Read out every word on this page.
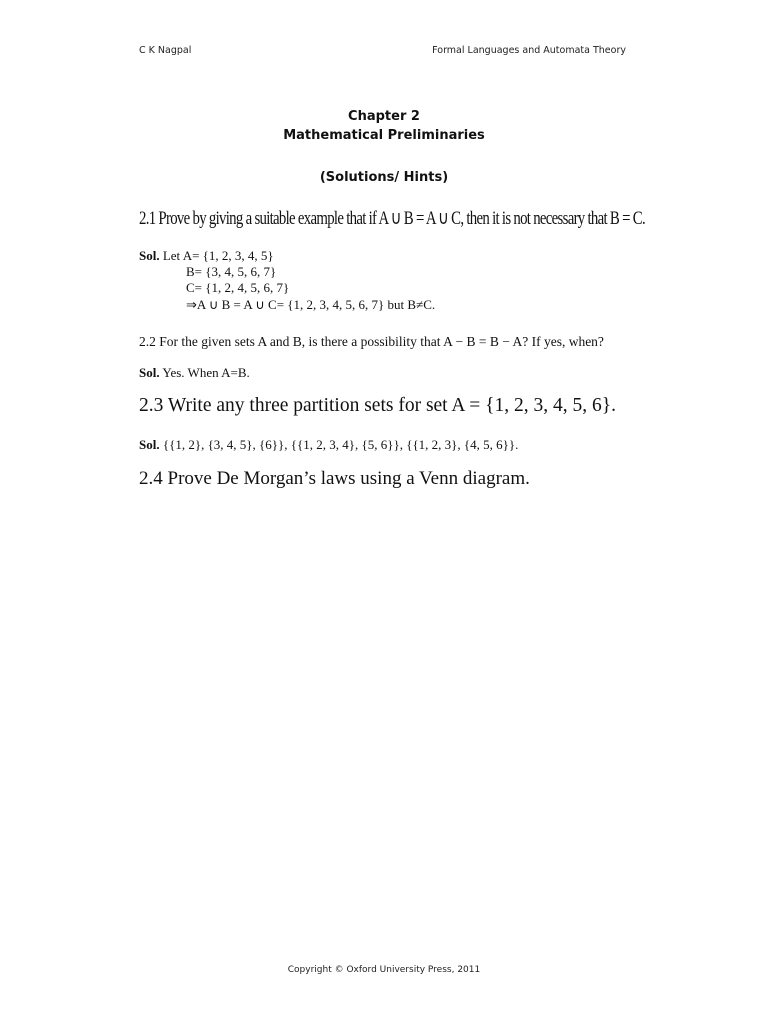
C K Nagpal	Formal Languages and Automata Theory
Chapter 2
Mathematical Preliminaries
(Solutions/ Hints)
2.1 Prove by giving a suitable example that if A ∪ B = A ∪ C, then it is not necessary that B = C.
Sol. Let A= {1, 2, 3, 4, 5}
B= {3, 4, 5, 6, 7}
C= {1, 2, 4, 5, 6, 7}
⇒A ∪ B = A ∪ C= {1, 2, 3, 4, 5, 6, 7} but B≠C.
2.2 For the given sets A and B, is there a possibility that A − B = B − A? If yes, when?
Sol. Yes. When A=B.
2.3 Write any three partition sets for set A = {1, 2, 3, 4, 5, 6}.
Sol. {{1, 2}, {3, 4, 5}, {6}}, {{1, 2, 3, 4}, {5, 6}}, {{1, 2, 3}, {4, 5, 6}}.
2.4 Prove De Morgan’s laws using a Venn diagram.
Copyright © Oxford University Press, 2011
